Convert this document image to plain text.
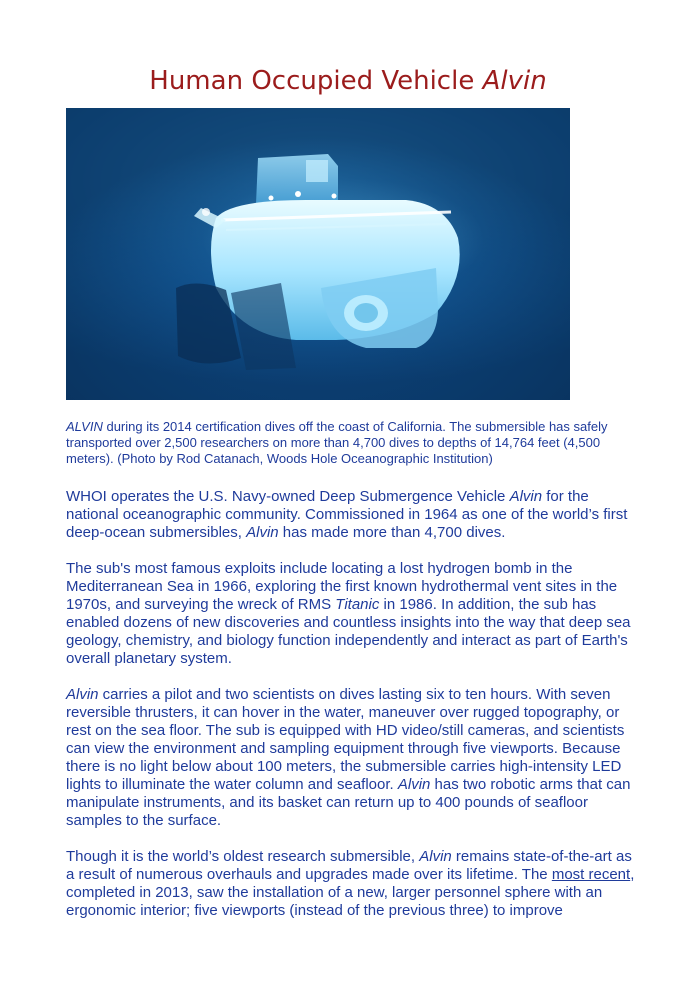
Human Occupied Vehicle Alvin
ALVIN during its 2014 certification dives off the coast of California. The submersible has safely transported over 2,500 researchers on more than 4,700 dives to depths of 14,764 feet (4,500 meters). (Photo by Rod Catanach, Woods Hole Oceanographic Institution)

WHOI operates the U.S. Navy-owned Deep Submergence Vehicle Alvin for the national oceanographic community. Commissioned in 1964 as one of the world’s first deep-ocean submersibles, Alvin has made more than 4,700 dives.

The sub's most famous exploits include locating a lost hydrogen bomb in the Mediterranean Sea in 1966, exploring the first known hydrothermal vent sites in the 1970s, and surveying the wreck of RMS Titanic in 1986. In addition, the sub has enabled dozens of new discoveries and countless insights into the way that deep sea geology, chemistry, and biology function independently and interact as part of Earth's overall planetary system.

Alvin carries a pilot and two scientists on dives lasting six to ten hours. With seven reversible thrusters, it can hover in the water, maneuver over rugged topography, or rest on the sea floor. The sub is equipped with HD video/still cameras, and scientists can view the environment and sampling equipment through five viewports. Because there is no light below about 100 meters, the submersible carries high-intensity LED lights to illuminate the water column and seafloor. Alvin has two robotic arms that can manipulate instruments, and its basket can return up to 400 pounds of seafloor samples to the surface.

Though it is the world’s oldest research submersible, Alvin remains state-of-the-art as a result of numerous overhauls and upgrades made over its lifetime. The most recent, completed in 2013, saw the installation of a new, larger personnel sphere with an ergonomic interior; five viewports (instead of the previous three) to improve
